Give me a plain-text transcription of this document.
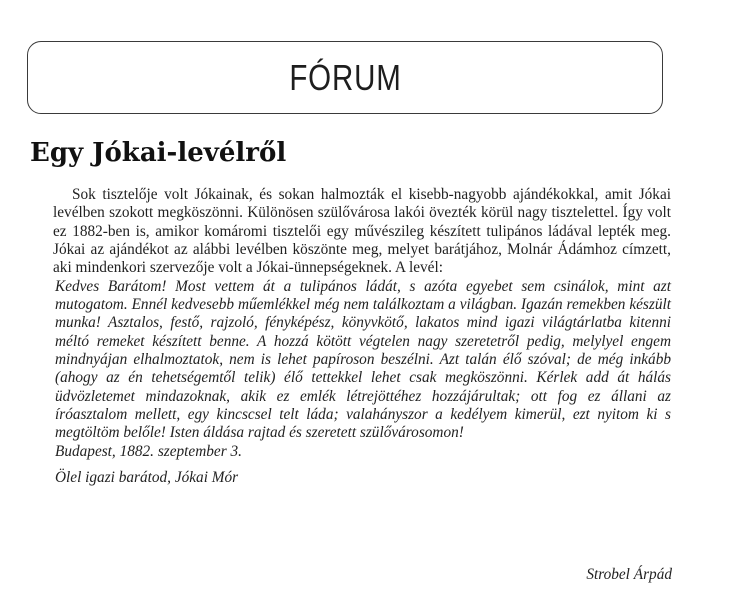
FÓRUM
Egy Jókai-levélről

Sok tisztelője volt Jókainak, és sokan halmozták el kisebb-nagyobb ajándékokkal, amit Jókai levélben szokott megköszönni. Különösen szülővárosa lakói övezték körül nagy tisztelettel. Így volt ez 1882-ben is, amikor komáromi tisztelői egy művészileg készített tulipános ládával lepték meg. Jókai az ajándékot az alábbi levélben köszönte meg, melyet barátjához, Molnár Ádámhoz címzett, aki mindenkori szervezője volt a Jókai-ünnepségeknek. A levél:

Kedves Barátom! Most vettem át a tulipános ládát, s azóta egyebet sem csinálok, mint azt mutogatom. Ennél kedvesebb műemlékkel még nem találkoztam a világban. Igazán remekben készült munka! Asztalos, festő, rajzoló, fényképész, könyvkötő, lakatos mind igazi világtárlatba kitenni méltó remeket készített benne. A hozzá kötött végtelen nagy szeretetről pedig, melylyel engem mindnyájan elhalmoztatok, nem is lehet papíroson beszélni. Azt talán élő szóval; de még inkább (ahogy az én tehetségemtől telik) élő tettekkel lehet csak megköszönni. Kérlek add át hálás üdvözletemet mindazoknak, akik ez emlék létrejöttéhez hozzájárultak; ott fog ez állani az íróasztalom mellett, egy kincscsel telt láda; valahányszor a kedélyem kimerül, ezt nyitom ki s megtöltöm belőle! Isten áldása rajtad és szeretett szülővárosomon!

Budapest, 1882. szeptember 3.

Ölel igazi barátod, Jókai Mór

Strobel Árpád
